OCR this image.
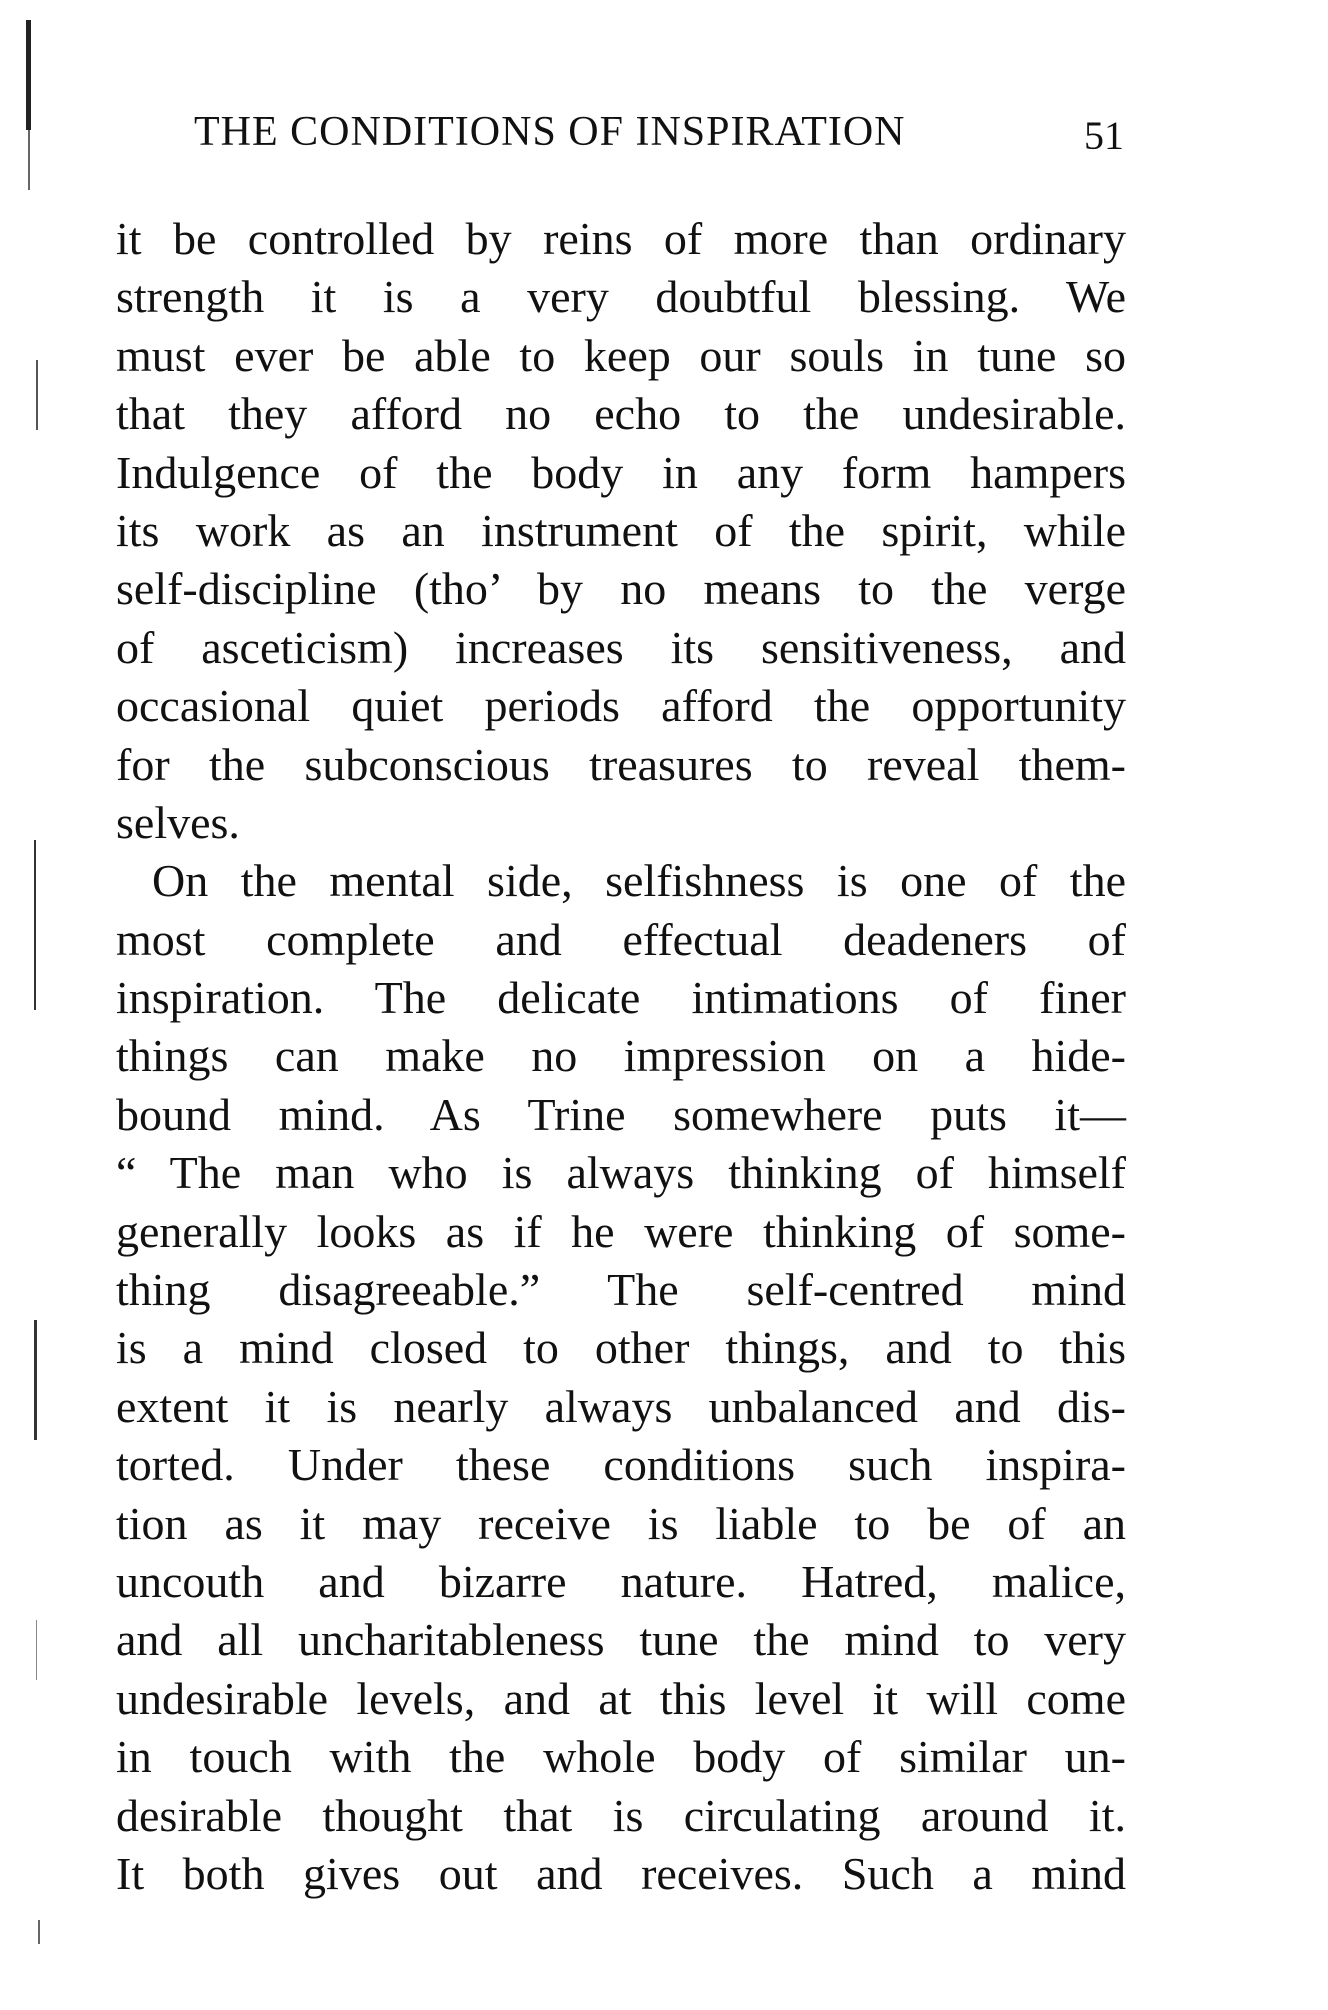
THE CONDITIONS OF INSPIRATION	51
it be controlled by reins of more than ordinary
strength it is a very doubtful blessing. We
must ever be able to keep our souls in tune so
that they afford no echo to the undesirable.
Indulgence of the body in any form hampers
its work as an instrument of the spirit, while
self-discipline (tho’ by no means to the verge
of asceticism) increases its sensitiveness, and
occasional quiet periods afford the opportunity
for the subconscious treasures to reveal them-
selves.
On the mental side, selfishness is one of the
most complete and effectual deadeners of
inspiration. The delicate intimations of finer
things can make no impression on a hide-
bound mind. As Trine somewhere puts it—
“ The man who is always thinking of himself
generally looks as if he were thinking of some-
thing disagreeable.” The self-centred mind
is a mind closed to other things, and to this
extent it is nearly always unbalanced and dis-
torted. Under these conditions such inspira-
tion as it may receive is liable to be of an
uncouth and bizarre nature. Hatred, malice,
and all uncharitableness tune the mind to very
undesirable levels, and at this level it will come
in touch with the whole body of similar un-
desirable thought that is circulating around it.
It both gives out and receives. Such a mind
